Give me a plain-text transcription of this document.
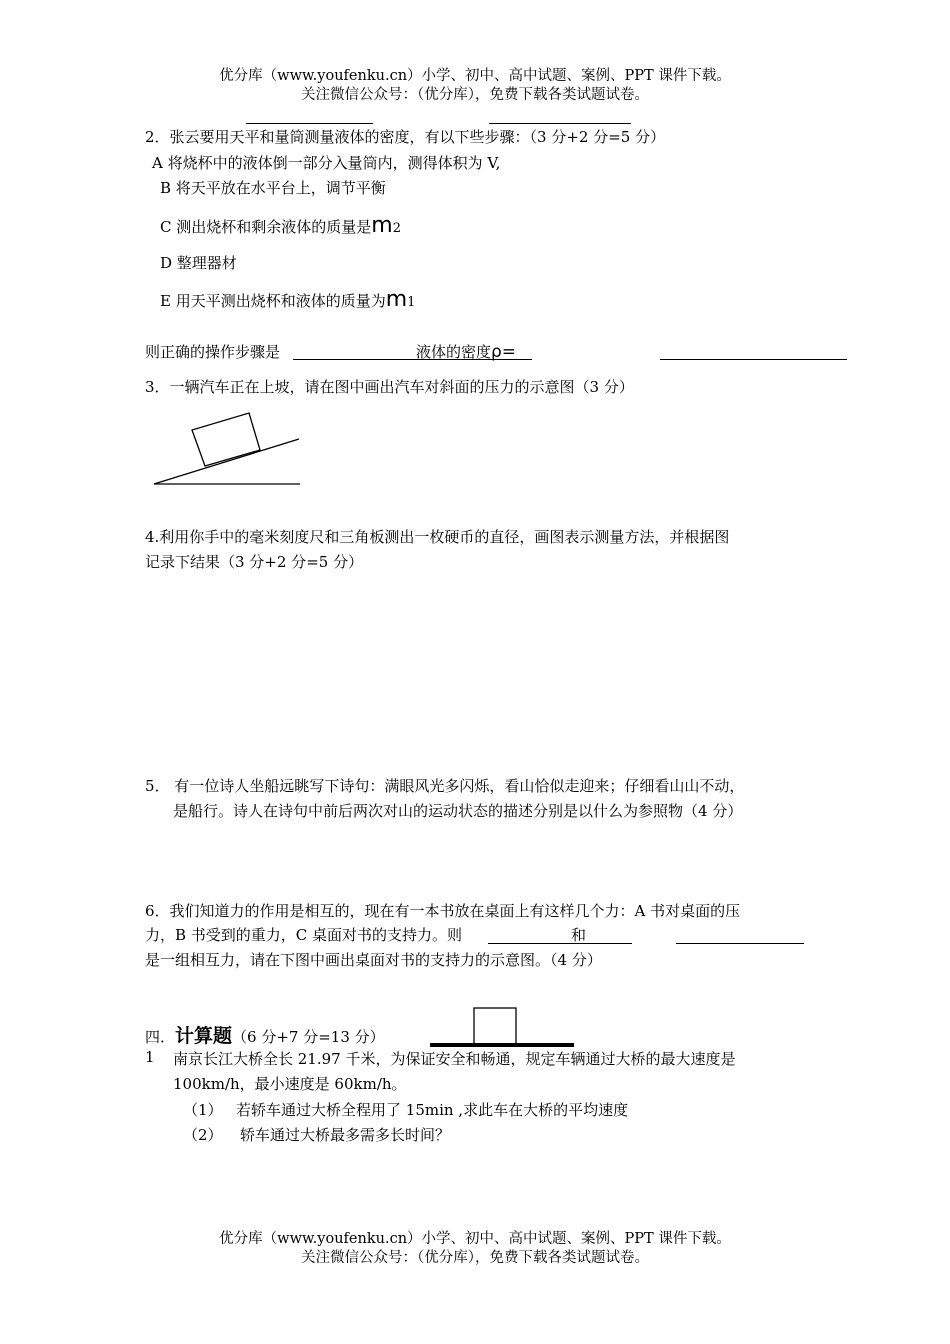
优分库（www.youfenku.cn）小学、初中、高中试题、案例、PPT 课件下载。
关注微信公众号：（优分库），免费下载各类试题试卷。
2．张云要用天平和量筒测量液体的密度，有以下些步骤：（3 分+2 分=5 分）
A 将烧杯中的液体倒一部分入量筒内，测得体积为 V,
B 将天平放在水平台上，调节平衡
C 测出烧杯和剩余液体的质量是m2
D 整理器材
E 用天平测出烧杯和液体的质量为m1
则正确的操作步骤是	液体的密度ρ=
3．一辆汽车正在上坡，请在图中画出汽车对斜面的压力的示意图（3 分）
4.利用你手中的毫米刻度尺和三角板测出一枚硬币的直径，画图表示测量方法，并根据图
记录下结果（3 分+2 分=5 分）
5． 有一位诗人坐船远眺写下诗句：满眼风光多闪烁，看山恰似走迎来；仔细看山山不动，
是船行。诗人在诗句中前后两次对山的运动状态的描述分别是以什么为参照物（4 分）
6．我们知道力的作用是相互的，现在有一本书放在桌面上有这样几个力：A 书对桌面的压
力，B 书受到的重力，C 桌面对书的支持力。则	和
是一组相互力，请在下图中画出桌面对书的支持力的示意图。（4 分）
四．计算题（6 分+7 分=13 分）
1 南京长江大桥全长 21.97 千米，为保证安全和畅通，规定车辆通过大桥的最大速度是
100km/h，最小速度是 60km/h。
（1） 若轿车通过大桥全程用了 15min ,求此车在大桥的平均速度
（2） 轿车通过大桥最多需多长时间？
优分库（www.youfenku.cn）小学、初中、高中试题、案例、PPT 课件下载。
关注微信公众号：（优分库），免费下载各类试题试卷。
